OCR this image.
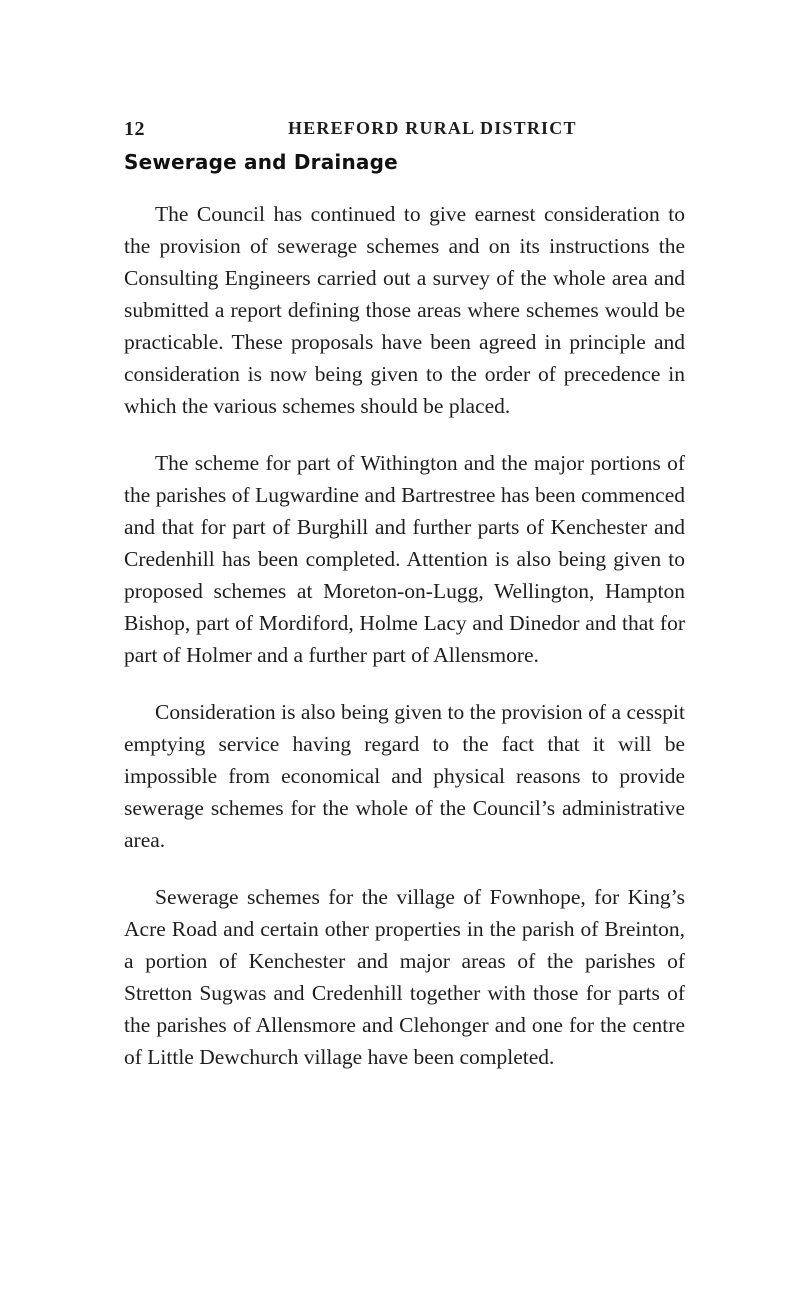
12	HEREFORD RURAL DISTRICT
Sewerage and Drainage

The Council has continued to give earnest consideration to the provision of sewerage schemes and on its instructions the Consulting Engineers carried out a survey of the whole area and submitted a report defining those areas where schemes would be practicable. These proposals have been agreed in principle and consideration is now being given to the order of precedence in which the various schemes should be placed.

The scheme for part of Withington and the major portions of the parishes of Lugwardine and Bartrestree has been commenced and that for part of Burghill and further parts of Kenchester and Credenhill has been completed. Attention is also being given to proposed schemes at Moreton-on-Lugg, Wellington, Hampton Bishop, part of Mordiford, Holme Lacy and Dinedor and that for part of Holmer and a further part of Allensmore.

Consideration is also being given to the provision of a cesspit emptying service having regard to the fact that it will be impossible from economical and physical reasons to provide sewerage schemes for the whole of the Council’s administrative area.

Sewerage schemes for the village of Fownhope, for King’s Acre Road and certain other properties in the parish of Breinton, a portion of Kenchester and major areas of the parishes of Stretton Sugwas and Credenhill together with those for parts of the parishes of Allensmore and Clehonger and one for the centre of Little Dewchurch village have been completed.
